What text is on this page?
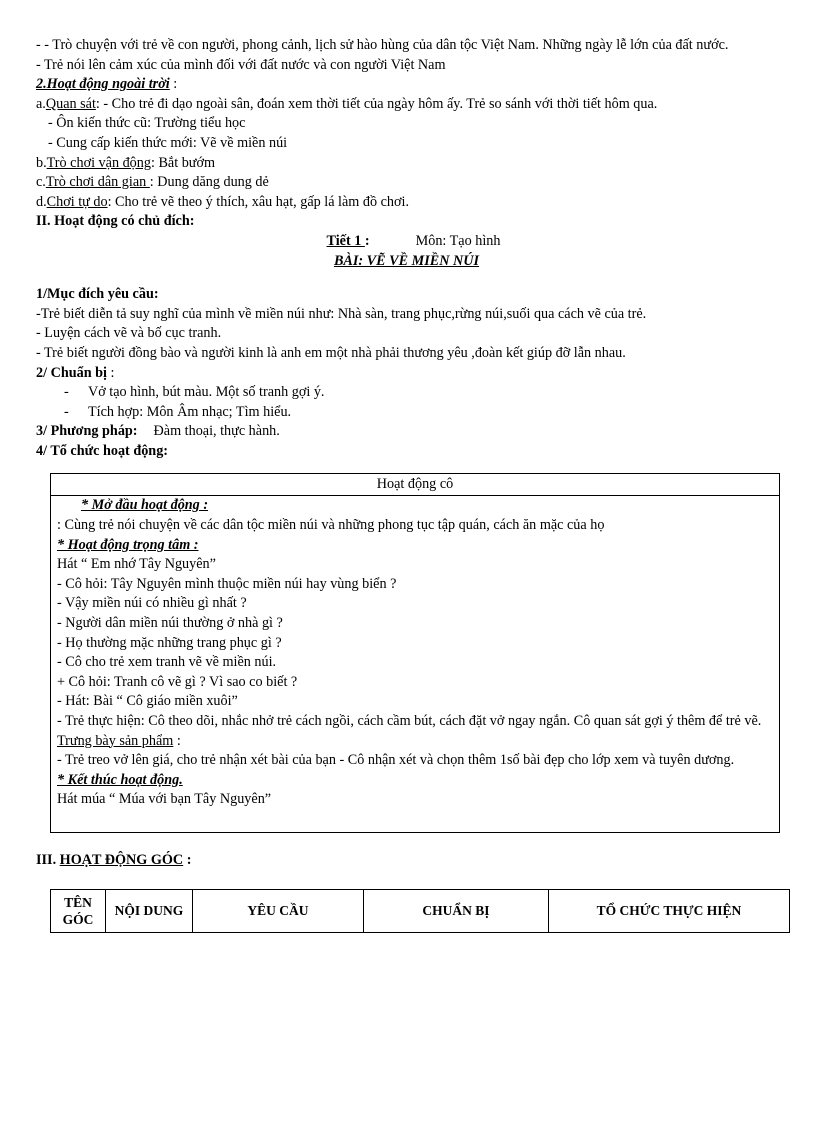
- - Trò chuyện với trẻ về con người, phong cảnh, lịch sử hào hùng của dân tộc Việt Nam. Những ngày lễ lớn của đất nước.

- Trẻ nói lên cảm xúc của mình đối với đất nước và con người Việt Nam

2.Hoạt động ngoài trời :

a.Quan sát: - Cho trẻ đi dạo ngoài sân, đoán xem thời tiết của ngày hôm ấy. Trẻ so sánh với thời tiết hôm qua.

- Ôn kiến thức cũ: Trường tiểu học

- Cung cấp kiến thức mới: Vẽ về miền núi

b.Trò chơi vận động: Bắt bướm

c.Trò chơi dân gian : Dung dăng dung dẻ

d.Chơi tự do: Cho trẻ vẽ theo ý thích, xâu hạt, gấp lá làm đồ chơi.

II. Hoạt động có chủ đích:

Tiết 1 :	Môn: Tạo hình

BÀI: VẼ VỀ MIỀN NÚI

1/Mục đích yêu cầu:

-Trẻ biết diễn tả suy nghĩ của mình về miền núi như: Nhà sàn, trang phục,rừng núi,suối qua cách vẽ của trẻ.

- Luyện cách vẽ và bố cục tranh.

- Trẻ biết người đồng bào và người kinh là anh em một nhà phải thương yêu ,đoàn kết giúp đỡ lẫn nhau.

2/ Chuẩn bị :

- Vở tạo hình, bút màu. Một số tranh gợi ý.
- Tích hợp: Môn Âm nhạc; Tìm hiểu.

3/ Phương pháp: Đàm thoại, thực hành.

4/ Tổ chức hoạt động:

Hoạt động cô

* Mở đầu hoạt động :

: Cùng trẻ nói chuyện về các dân tộc miền núi và những phong tục tập quán, cách ăn mặc của họ

* Hoạt động trọng tâm :

Hát “ Em nhớ Tây Nguyên”

- Cô hỏi: Tây Nguyên mình thuộc miền núi hay vùng biển ?

- Vậy miền núi có nhiều gì nhất ?

- Người dân miền núi thường ở nhà gì ?

- Họ thường mặc những trang phục gì ?

- Cô cho trẻ xem tranh vẽ về miền núi.

+ Cô hỏi: Tranh cô vẽ gì ? Vì sao co biết ?

- Hát: Bài “ Cô giáo miền xuôi”

- Trẻ thực hiện: Cô theo dõi, nhắc nhở trẻ cách ngồi, cách cầm bút, cách đặt vở ngay ngắn. Cô quan sát gợi ý thêm để trẻ vẽ.

Trưng bày sản phẩm :

- Trẻ treo vở lên giá, cho trẻ nhận xét bài của bạn - Cô nhận xét và chọn thêm 1số bài đẹp cho lớp xem và tuyên dương.

* Kết thúc hoạt động.

Hát múa “ Múa với bạn Tây Nguyên”

III. HOẠT ĐỘNG GÓC :

TÊN GÓC	NỘI DUNG	YÊU CẦU	CHUẨN BỊ	TỔ CHỨC THỰC HIỆN
